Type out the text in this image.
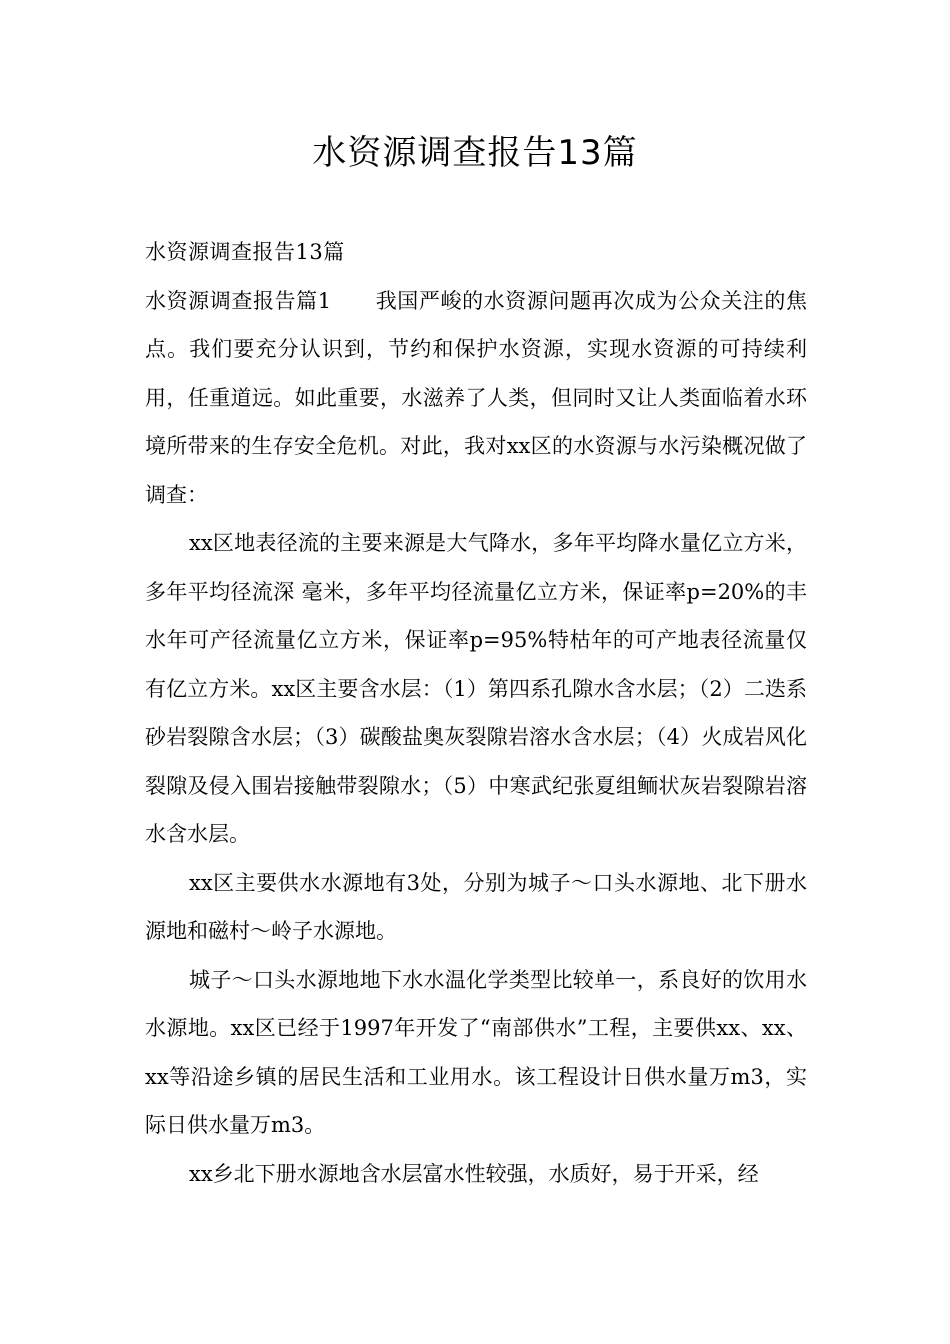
水资源调查报告13篇

水资源调查报告13篇

水资源调查报告篇1 我国严峻的水资源问题再次成为公众关注的焦点。我们要充分认识到，节约和保护水资源，实现水资源的可持续利用，任重道远。如此重要，水滋养了人类，但同时又让人类面临着水环境所带来的生存安全危机。对此，我对xx区的水资源与水污染概况做了调查：

xx区地表径流的主要来源是大气降水，多年平均降水量亿立方米，多年平均径流深 毫米，多年平均径流量亿立方米，保证率p=20%的丰水年可产径流量亿立方米，保证率p=95%特枯年的可产地表径流量仅有亿立方米。xx区主要含水层：（1）第四系孔隙水含水层；（2）二迭系砂岩裂隙含水层；（3）碳酸盐奥灰裂隙岩溶水含水层；（4）火成岩风化裂隙及侵入围岩接触带裂隙水；（5）中寒武纪张夏组鲕状灰岩裂隙岩溶水含水层。

xx区主要供水水源地有3处，分别为城子～口头水源地、北下册水源地和磁村～岭子水源地。

城子～口头水源地地下水水温化学类型比较单一，系良好的饮用水水源地。xx区已经于1997年开发了“南部供水”工程，主要供xx、xx、xx等沿途乡镇的居民生活和工业用水。该工程设计日供水量万m3，实际日供水量万m3。

xx乡北下册水源地含水层富水性较强，水质好，易于开采，经
